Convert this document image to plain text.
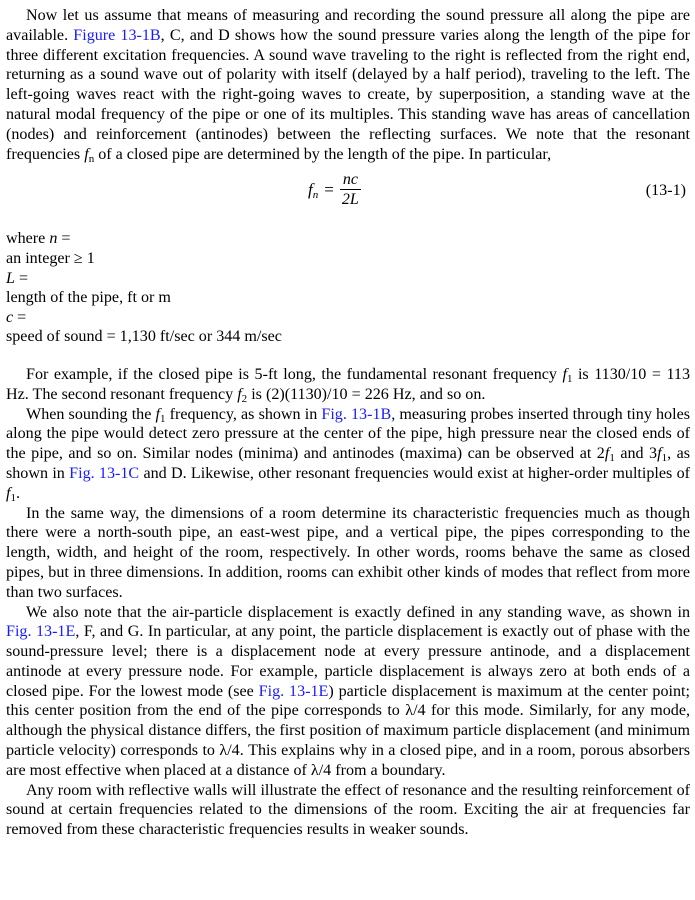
Now let us assume that means of measuring and recording the sound pressure all along the pipe are available. Figure 13-1B, C, and D shows how the sound pressure varies along the length of the pipe for three different excitation frequencies. A sound wave traveling to the right is reflected from the right end, returning as a sound wave out of polarity with itself (delayed by a half period), traveling to the left. The left-going waves react with the right-going waves to create, by superposition, a standing wave at the natural modal frequency of the pipe or one of its multiples. This standing wave has areas of cancellation (nodes) and reinforcement (antinodes) between the reflecting surfaces. We note that the resonant frequencies $f_n$ of a closed pipe are determined by the length of the pipe. In particular,

$f_n = \frac{nc}{2L}$	(13-1)
where n =
an integer ≥ 1
L =
length of the pipe, ft or m
c =
speed of sound = 1,130 ft/sec or 344 m/sec

For example, if the closed pipe is 5-ft long, the fundamental resonant frequency $f_1$ is 1130/10 = 113 Hz. The second resonant frequency $f_2$ is (2)(1130)/10 = 226 Hz, and so on.

When sounding the $f_1$ frequency, as shown in Fig. 13-1B, measuring probes inserted through tiny holes along the pipe would detect zero pressure at the center of the pipe, high pressure near the closed ends of the pipe, and so on. Similar nodes (minima) and antinodes (maxima) can be observed at $2f_1$ and $3f_1$, as shown in Fig. 13-1C and D. Likewise, other resonant frequencies would exist at higher-order multiples of $f_1$.

In the same way, the dimensions of a room determine its characteristic frequencies much as though there were a north-south pipe, an east-west pipe, and a vertical pipe, the pipes corresponding to the length, width, and height of the room, respectively. In other words, rooms behave the same as closed pipes, but in three dimensions. In addition, rooms can exhibit other kinds of modes that reflect from more than two surfaces.

We also note that the air-particle displacement is exactly defined in any standing wave, as shown in Fig. 13-1E, F, and G. In particular, at any point, the particle displacement is exactly out of phase with the sound-pressure level; there is a displacement node at every pressure antinode, and a displacement antinode at every pressure node. For example, particle displacement is always zero at both ends of a closed pipe. For the lowest mode (see Fig. 13-1E) particle displacement is maximum at the center point; this center position from the end of the pipe corresponds to λ/4 for this mode. Similarly, for any mode, although the physical distance differs, the first position of maximum particle displacement (and minimum particle velocity) corresponds to λ/4. This explains why in a closed pipe, and in a room, porous absorbers are most effective when placed at a distance of λ/4 from a boundary.

Any room with reflective walls will illustrate the effect of resonance and the resulting reinforcement of sound at certain frequencies related to the dimensions of the room. Exciting the air at frequencies far removed from these characteristic frequencies results in weaker sounds.
